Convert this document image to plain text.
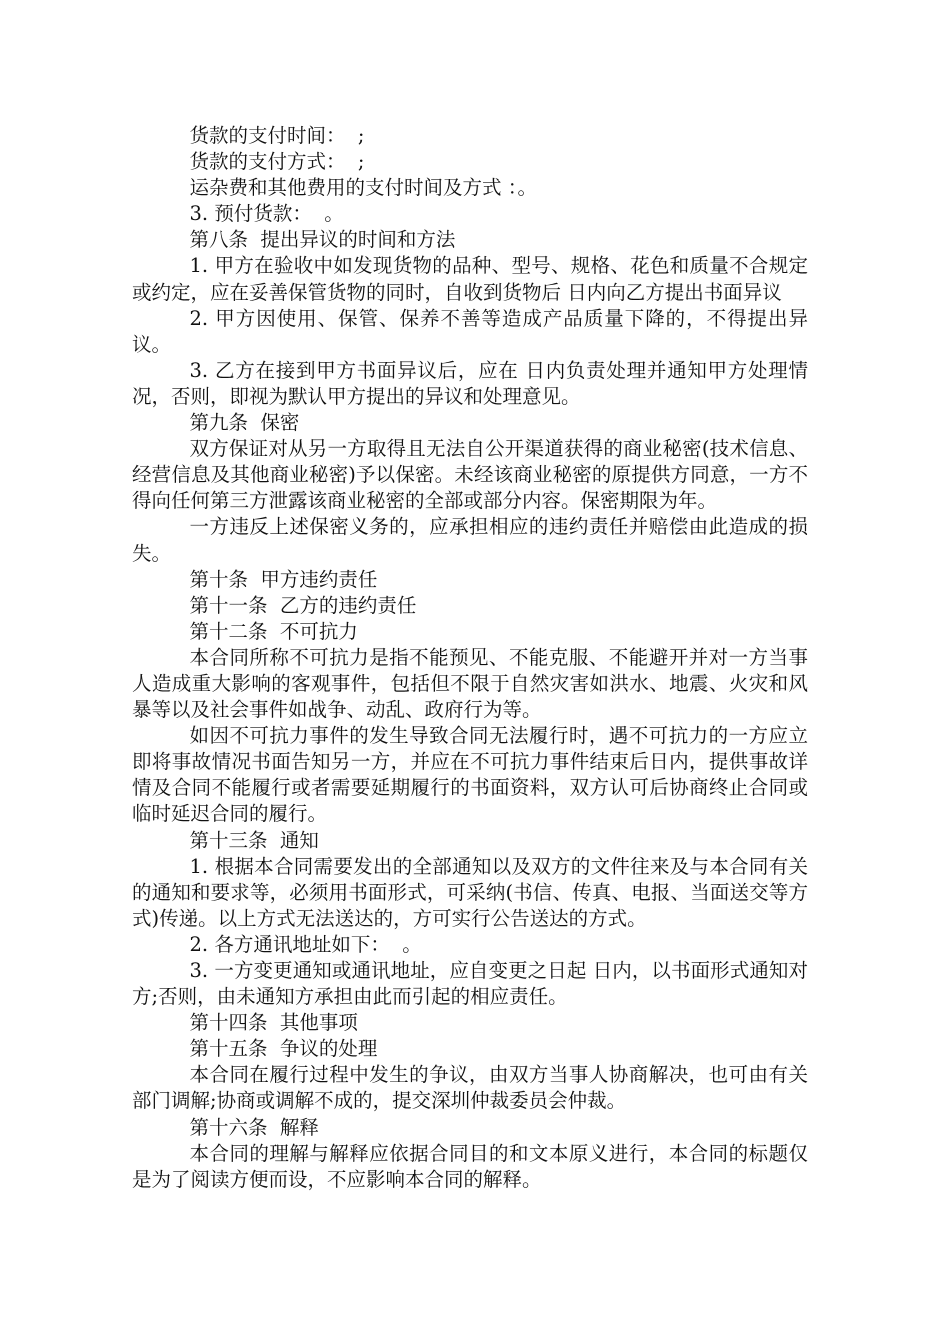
货款的支付时间：  ;

货款的支付方式：  ;

运杂费和其他费用的支付时间及方式 ：。

3. 预付货款：  。

第八条  提出异议的时间和方法

1. 甲方在验收中如发现货物的品种、型号、规格、花色和质量不合规定或约定，应在妥善保管货物的同时，自收到货物后 日内向乙方提出书面异议

2. 甲方因使用、保管、保养不善等造成产品质量下降的，不得提出异议。

3. 乙方在接到甲方书面异议后，应在 日内负责处理并通知甲方处理情况，否则，即视为默认甲方提出的异议和处理意见。

第九条  保密

双方保证对从另一方取得且无法自公开渠道获得的商业秘密(技术信息、经营信息及其他商业秘密)予以保密。未经该商业秘密的原提供方同意，一方不得向任何第三方泄露该商业秘密的全部或部分内容。保密期限为年。

一方违反上述保密义务的，应承担相应的违约责任并赔偿由此造成的损失。

第十条  甲方违约责任

第十一条  乙方的违约责任

第十二条  不可抗力

本合同所称不可抗力是指不能预见、不能克服、不能避开并对一方当事人造成重大影响的客观事件，包括但不限于自然灾害如洪水、地震、火灾和风暴等以及社会事件如战争、动乱、政府行为等。

如因不可抗力事件的发生导致合同无法履行时，遇不可抗力的一方应立即将事故情况书面告知另一方，并应在不可抗力事件结束后日内，提供事故详情及合同不能履行或者需要延期履行的书面资料，双方认可后协商终止合同或临时延迟合同的履行。

第十三条  通知

1. 根据本合同需要发出的全部通知以及双方的文件往来及与本合同有关的通知和要求等，必须用书面形式，可采纳(书信、传真、电报、当面送交等方式)传递。以上方式无法送达的，方可实行公告送达的方式。

2. 各方通讯地址如下：  。

3. 一方变更通知或通讯地址，应自变更之日起 日内，以书面形式通知对方;否则，由未通知方承担由此而引起的相应责任。

第十四条  其他事项

第十五条  争议的处理

本合同在履行过程中发生的争议，由双方当事人协商解决，也可由有关部门调解;协商或调解不成的，提交深圳仲裁委员会仲裁。

第十六条  解释

本合同的理解与解释应依据合同目的和文本原义进行，本合同的标题仅是为了阅读方便而设，不应影响本合同的解释。
